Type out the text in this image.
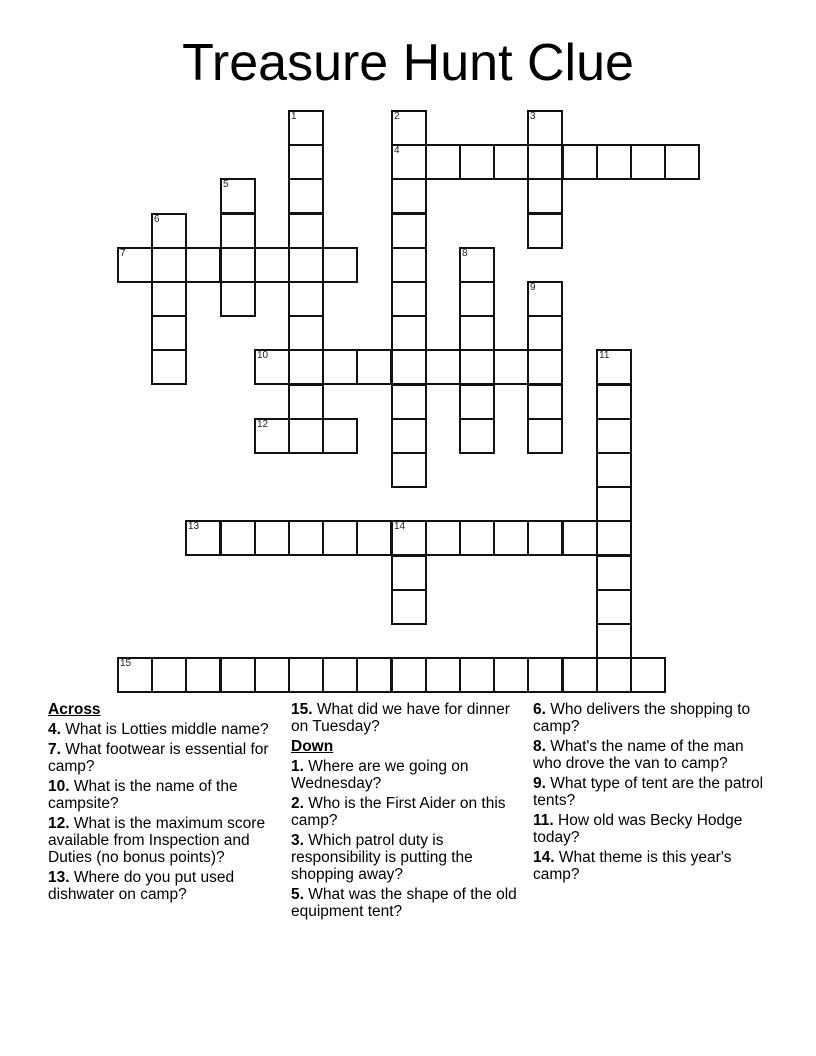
Treasure Hunt Clue
1	2
4
3
5
6
7	8
9
10	11
12
13	14
15
Across
4. What is Lotties middle name?
7. What footwear is essential for camp?
10. What is the name of the campsite?
12. What is the maximum score available from Inspection and Duties (no bonus points)?
13. Where do you put used dishwater on camp?
15. What did we have for dinner on Tuesday?
Down
1. Where are we going on Wednesday?
2. Who is the First Aider on this camp?
3. Which patrol duty is responsibility is putting the shopping away?
5. What was the shape of the old equipment tent?
6. Who delivers the shopping to camp?
8. What's the name of the man who drove the van to camp?
9. What type of tent are the patrol tents?
11. How old was Becky Hodge today?
14. What theme is this year's camp?
